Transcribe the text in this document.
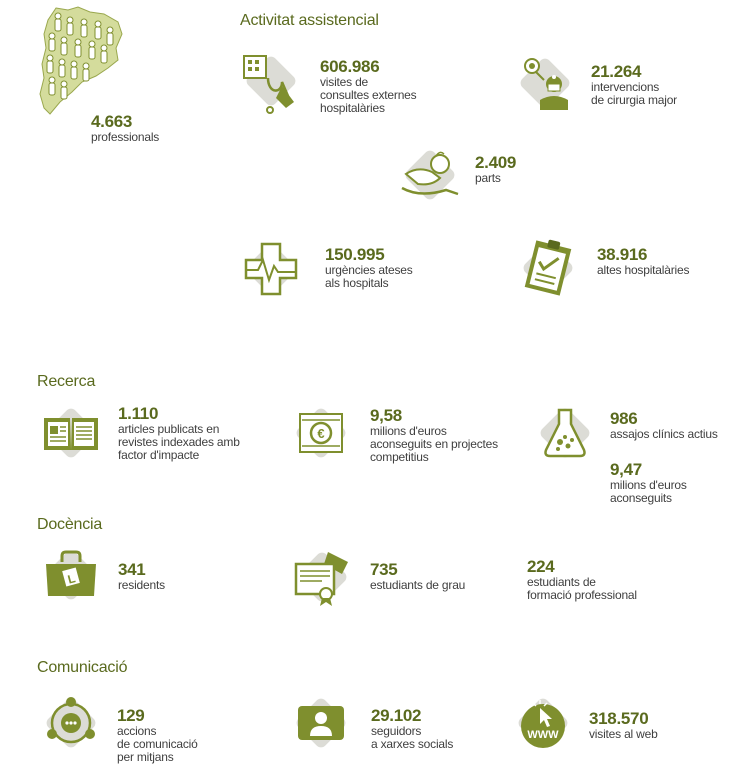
4.663
professionals
Activitat assistencial
606.986
visites de
consultes externes
hospitalàries
21.264
intervencions
de cirurgia major
2.409
parts
150.995
urgències ateses
als hospitals
38.916
altes hospitalàries
Recerca
1.110
articles publicats en
revistes indexades amb
factor d'impacte
€
9,58
milions d'euros
aconseguits en projectes
competitius
986
assajos clínics actius
9,47
milions d'euros
aconseguits
Docència
L 341
residents
735
estudiants de grau
224
estudiants de
formació professional
Comunicació
129
accions
de comunicació
per mitjans
29.102
seguidors
a xarxes socials
WWW
318.570
visites al web
